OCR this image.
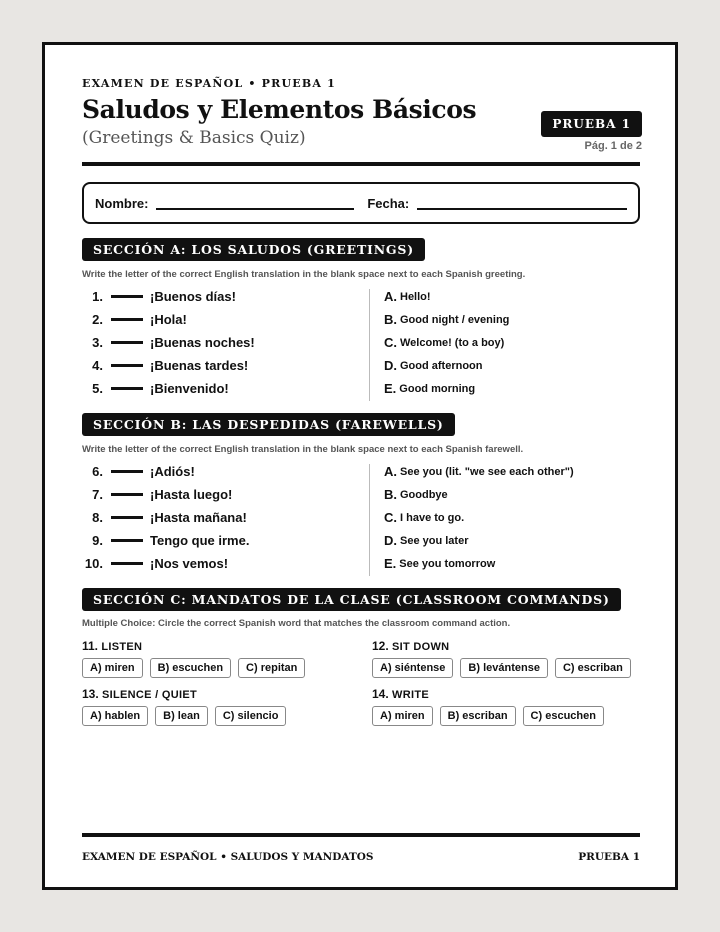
EXAMEN DE ESPAÑOL • PRUEBA 1
Saludos y Elementos Básicos
(Greetings & Basics Quiz)
PRUEBA 1
Pág. 1 de 2
Nombre:	Fecha:
SECCIÓN A: LOS SALUDOS (GREETINGS)
Write the letter of the correct English translation in the blank space next to each Spanish greeting.
1.	¡Buenos días!
2.	¡Hola!
3.	¡Buenas noches!
4.	¡Buenas tardes!
5.	¡Bienvenido!
A. Hello!
B. Good night / evening
C. Welcome! (to a boy)
D. Good afternoon
E. Good morning
SECCIÓN B: LAS DESPEDIDAS (FAREWELLS)
Write the letter of the correct English translation in the blank space next to each Spanish farewell.
6.	¡Adiós!
7.	¡Hasta luego!
8.	¡Hasta mañana!
9.	Tengo que irme.
10.	¡Nos vemos!
A. See you (lit. "we see each other")
B. Goodbye
C. I have to go.
D. See you later
E. See you tomorrow
SECCIÓN C: MANDATOS DE LA CLASE (CLASSROOM COMMANDS)
Multiple Choice: Circle the correct Spanish word that matches the classroom command action.
11. LISTEN
A) miren	B) escuchen	C) repitan
12. SIT DOWN
A) siéntense	B) levántense	C) escriban
13. SILENCE / QUIET
A) hablen	B) lean	C) silencio
14. WRITE
A) miren	B) escriban	C) escuchen
EXAMEN DE ESPAÑOL • SALUDOS Y MANDATOS	PRUEBA 1
